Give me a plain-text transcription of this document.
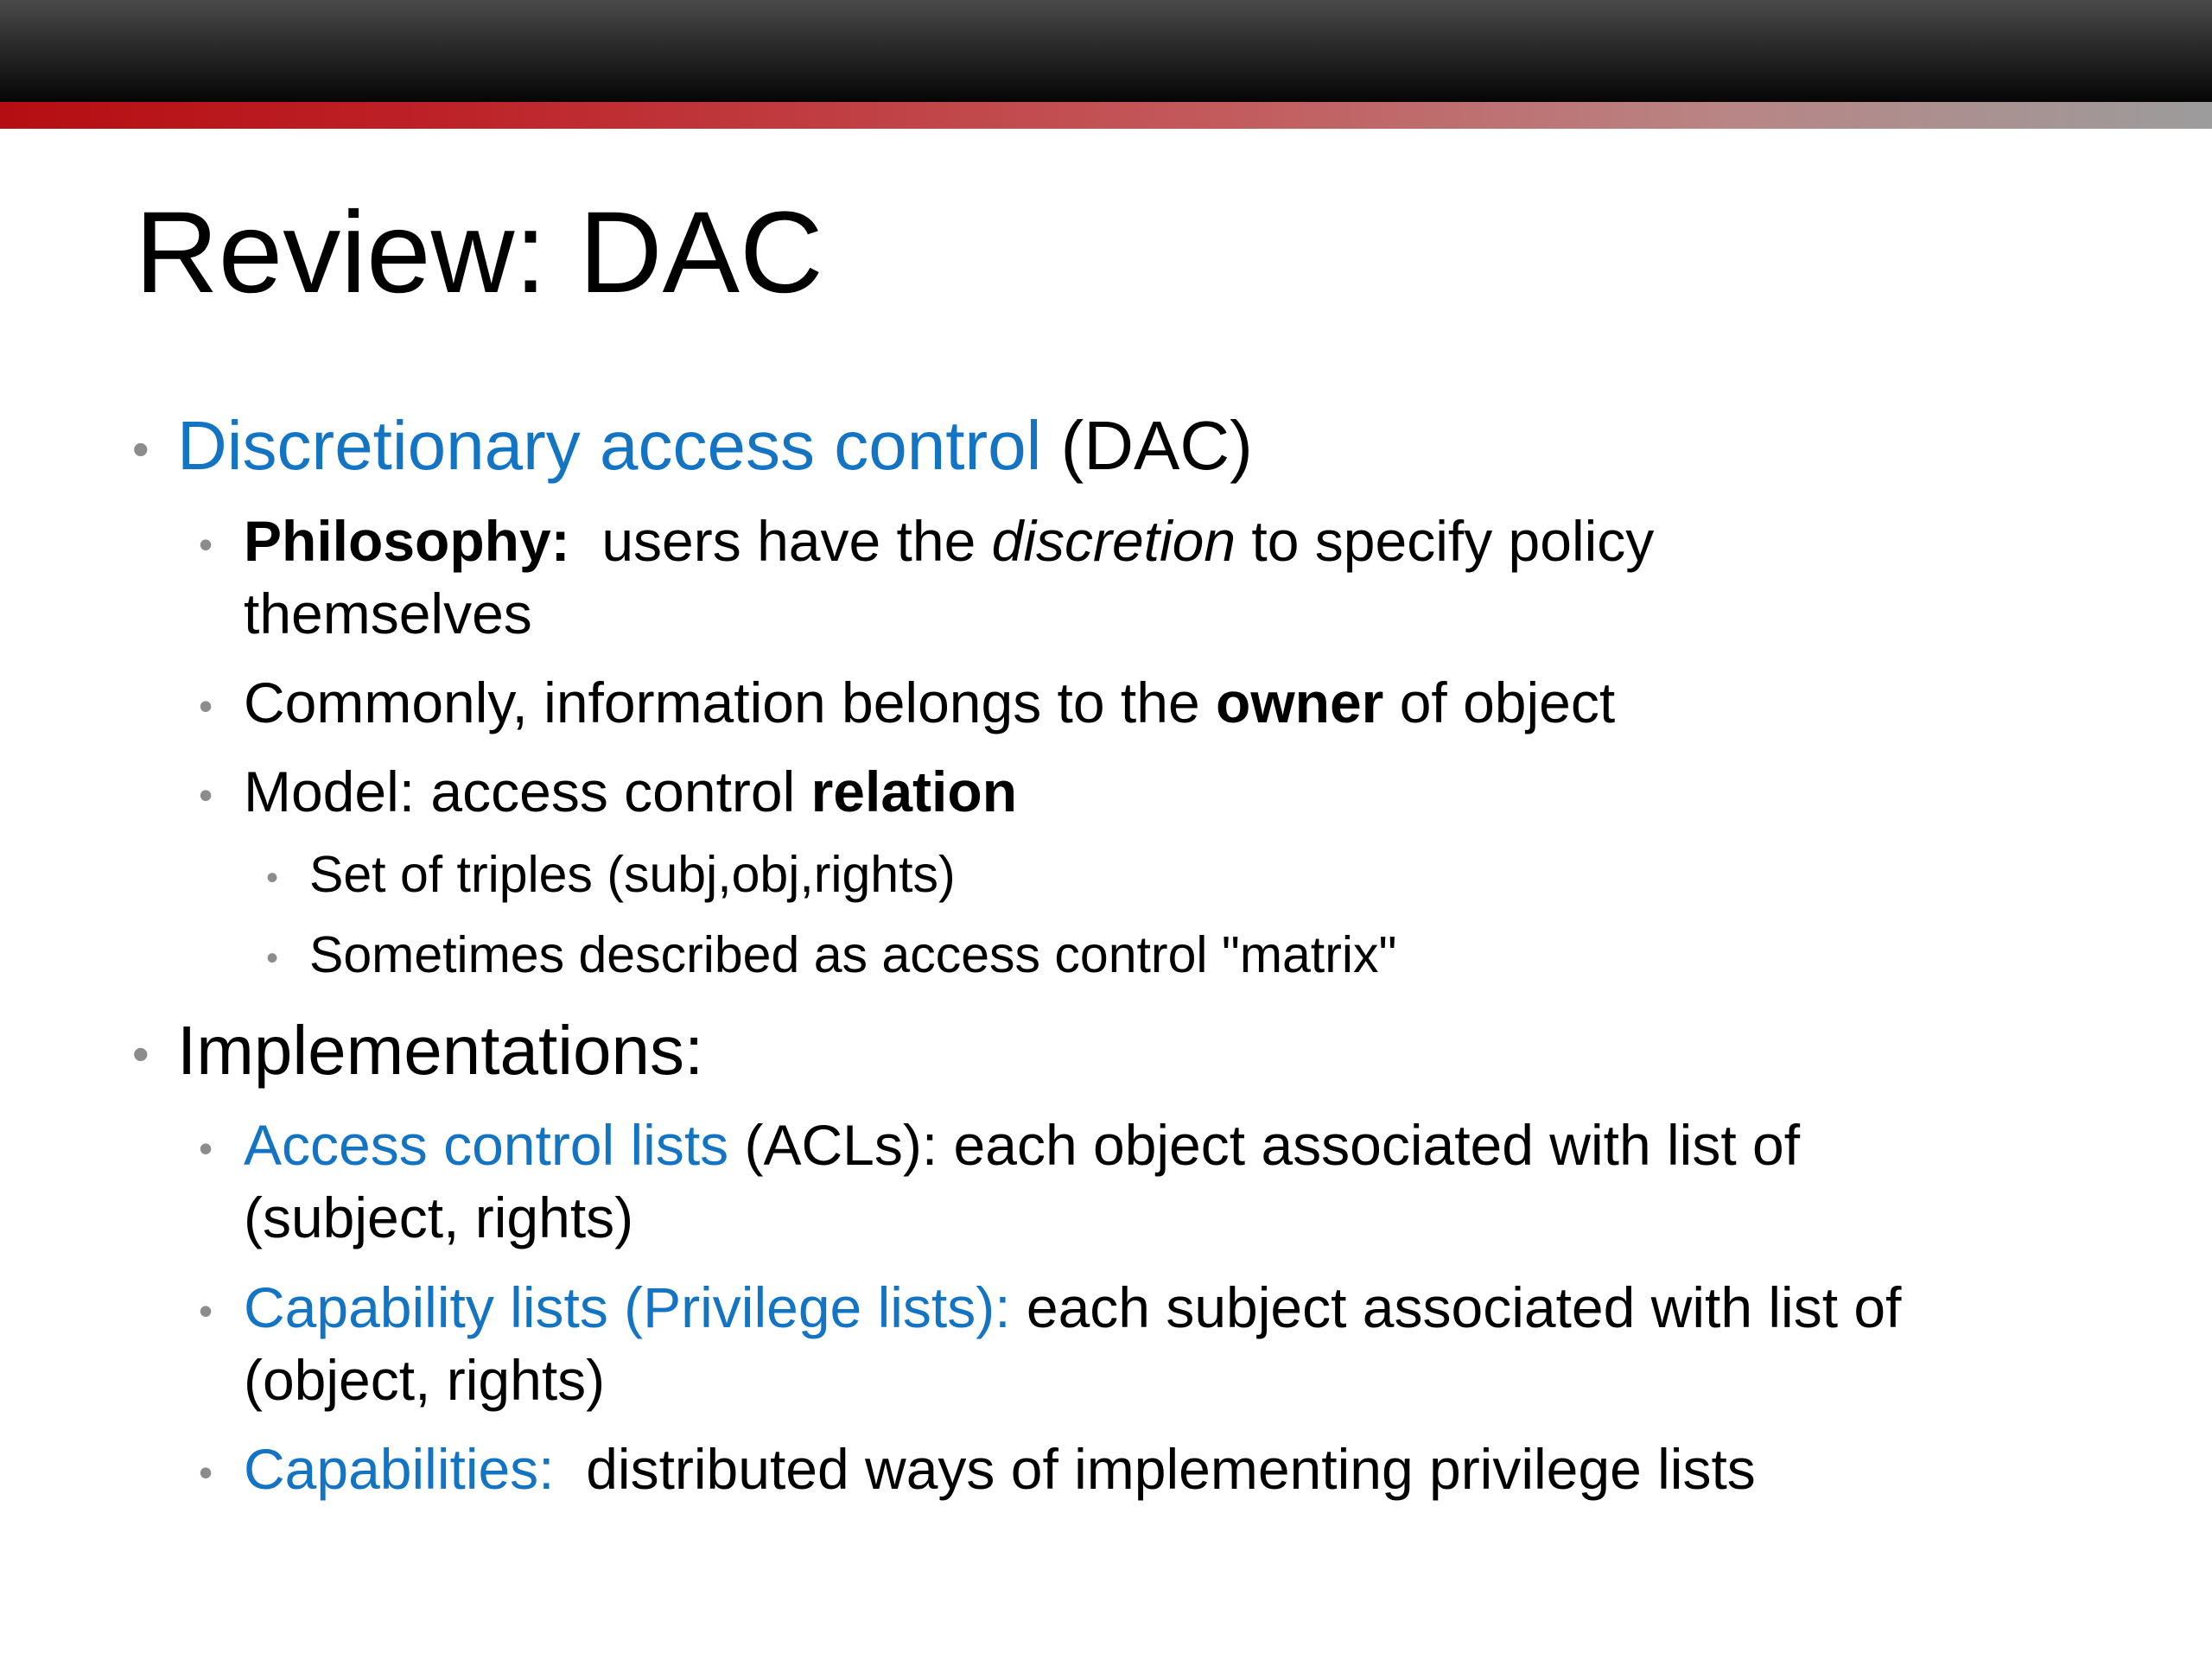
Review: DAC
• Discretionary access control (DAC)
• Philosophy:  users have the discretion to specify policy
themselves
• Commonly, information belongs to the owner of object
• Model: access control relation
• Set of triples (subj,obj,rights)
• Sometimes described as access control "matrix"
• Implementations:
• Access control lists (ACLs): each object associated with list of
(subject, rights)
• Capability lists (Privilege lists): each subject associated with list of
(object, rights)
• Capabilities:  distributed ways of implementing privilege lists
